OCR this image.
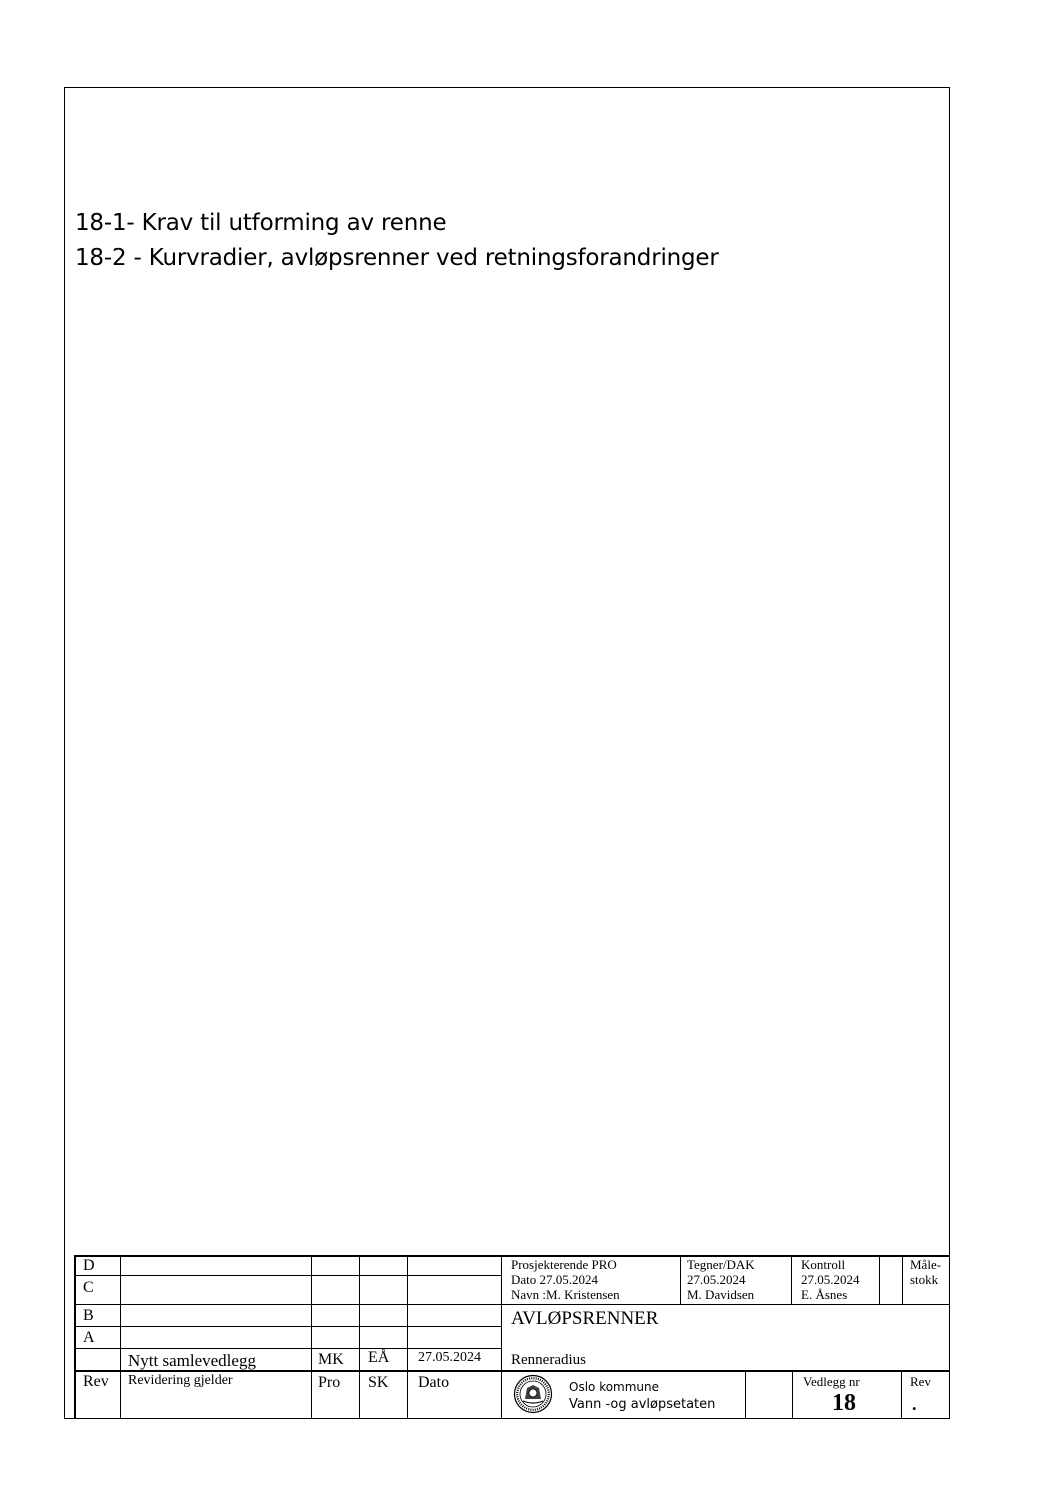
18-1- Krav til utforming av renne
18-2 - Kurvradier, avløpsrenner ved retningsforandringer
D
C
B
A
Nytt samlevedlegg	MK EÅ 27.05.2024
Rev Revidering gjelder	Pro SK Dato
Prosjekterende PRO
Dato 27.05.2024
Navn :M. Kristensen
Tegner/DAK
27.05.2024
M. Davidsen
Kontroll
27.05.2024
E. Åsnes
Måle-
stokk
AVLØPSRENNER
Renneradius
Oslo kommune
Vann -og avløpsetaten
Vedlegg nr
18
Rev
.
